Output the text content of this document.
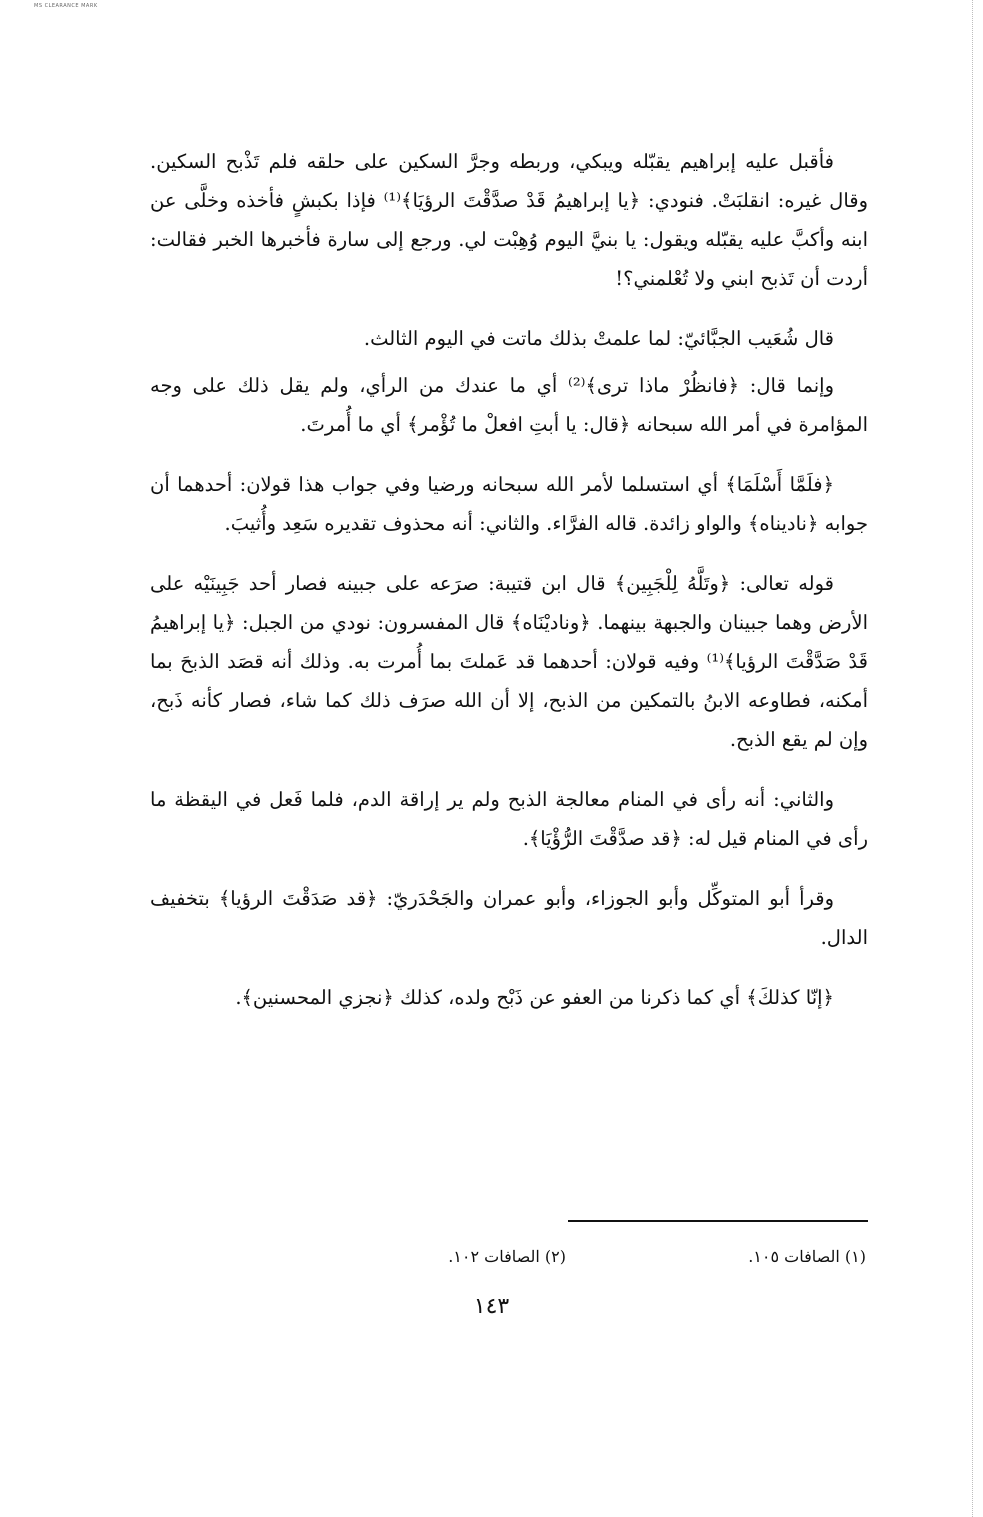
MS CLEARANCE MARK

فأقبل عليه إبراهيم يقبّله ويبكي، وربطه وجرَّ السكين على حلقه فلم تَذْبح السكين. وقال غيره: انقلبَتْ. فنودي: ﴿يا إبراهيمُ قَدْ صدَّقْتَ الرؤيَا﴾⁽¹⁾ فإذا بكبشٍ فأخذه وخلَّى عن ابنه وأكبَّ عليه يقبّله ويقول: يا بنيَّ اليوم وُهِبْت لي. ورجع إلى سارة فأخبرها الخبر فقالت: أردت أن تَذبح ابني ولا تُعْلمني؟!

قال شُعَيب الجبَّائيّ: لما علمتْ بذلك ماتت في اليوم الثالث.

وإنما قال: ﴿فانظُرْ ماذا ترى﴾⁽²⁾ أي ما عندك من الرأي، ولم يقل ذلك على وجه المؤامرة في أمر الله سبحانه ﴿قال: يا أبتِ افعلْ ما تُؤْمر﴾ أي ما أُمرتَ.

﴿فلَمَّا أَسْلَمَا﴾ أي استسلما لأمر الله سبحانه ورضيا وفي جواب هذا قولان: أحدهما أن جوابه ﴿ناديناه﴾ والواو زائدة. قاله الفرَّاء. والثاني: أنه محذوف تقديره سَعِد وأُثيبَ.

قوله تعالى: ﴿وتَلَّهُ لِلْجَبِين﴾ قال ابن قتيبة: صرَعه على جبينه فصار أحد جَبِينَيْه على الأرض وهما جبينان والجبهة بينهما. ﴿وناديْنَاه﴾ قال المفسرون: نودي من الجبل: ﴿يا إبراهيمُ قَدْ صَدَّقْتَ الرؤيا﴾⁽¹⁾ وفيه قولان: أحدهما قد عَملتَ بما أُمرت به. وذلك أنه قصَد الذبحَ بما أمكنه، فطاوعه الابنُ بالتمكين من الذبح، إلا أن الله صرَف ذلك كما شاء، فصار كأنه ذَبح، وإن لم يقع الذبح.

والثاني: أنه رأى في المنام معالجة الذبح ولم ير إراقة الدم، فلما فَعل في اليقظة ما رأى في المنام قيل له: ﴿قد صدَّقْتَ الرُّؤْيَا﴾.

وقرأ أبو المتوكِّل وأبو الجوزاء، وأبو عمران والجَحْدَريّ: ﴿قد صَدَقْتَ الرؤيا﴾ بتخفيف الدال.

﴿إنّا كذلكَ﴾ أي كما ذكرنا من العفو عن ذَبْح ولده، كذلك ﴿نجزي المحسنين﴾.

(١) الصافات ١٠٥.
(٢) الصافات ١٠٢.
١٤٣
